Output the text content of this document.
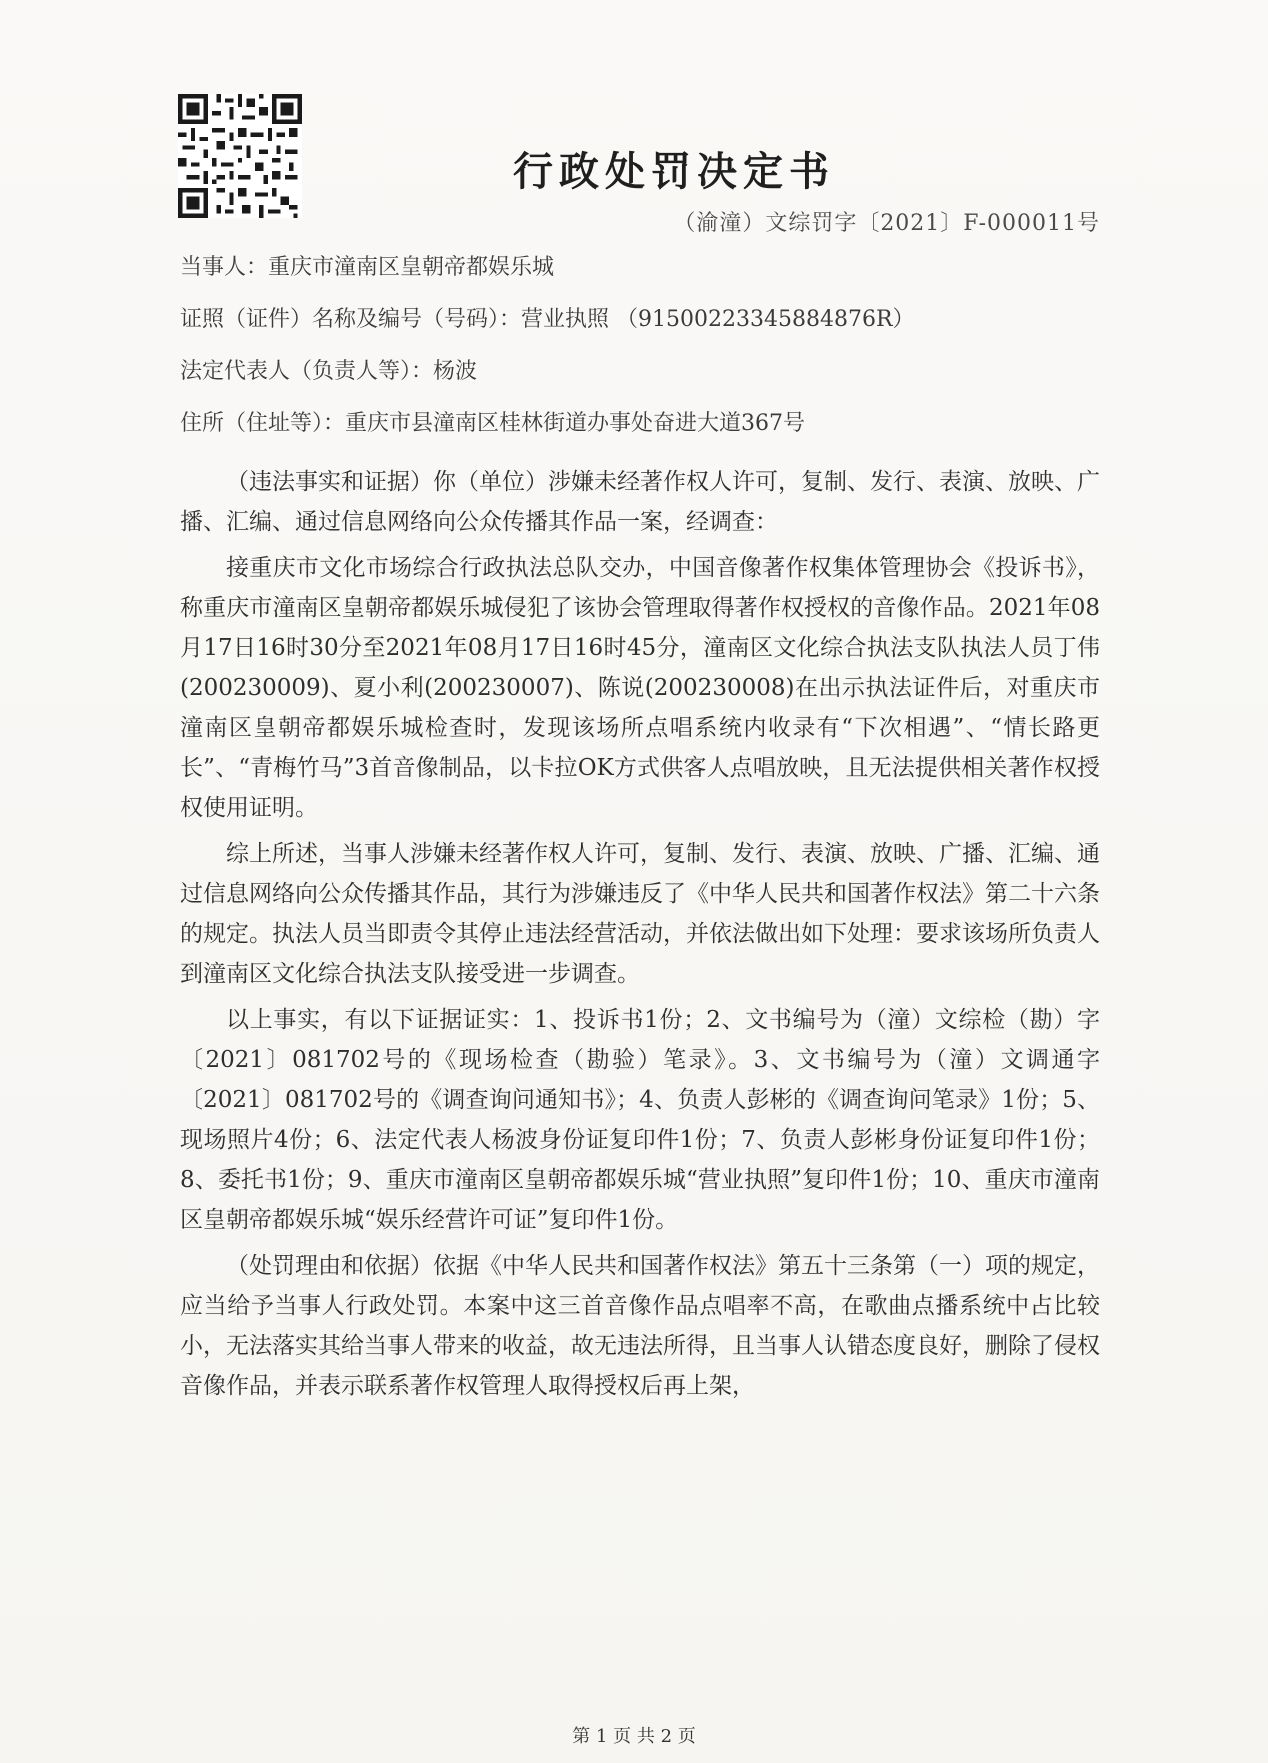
行政处罚决定书
（渝潼）文综罚字〔2021〕F-000011号
当事人：重庆市潼南区皇朝帝都娱乐城
证照（证件）名称及编号（号码）：营业执照 （91500223345884876R）
法定代表人（负责人等）：杨波
住所（住址等）：重庆市县潼南区桂林街道办事处奋进大道367号

（违法事实和证据）你（单位）涉嫌未经著作权人许可，复制、发行、表演、放映、广播、汇编、通过信息网络向公众传播其作品一案，经调查：

接重庆市文化市场综合行政执法总队交办，中国音像著作权集体管理协会《投诉书》，称重庆市潼南区皇朝帝都娱乐城侵犯了该协会管理取得著作权授权的音像作品。2021年08月17日16时30分至2021年08月17日16时45分，潼南区文化综合执法支队执法人员丁伟(200230009)、夏小利(200230007)、陈说(200230008)在出示执法证件后，对重庆市潼南区皇朝帝都娱乐城检查时，发现该场所点唱系统内收录有“下次相遇”、“情长路更长”、“青梅竹马”3首音像制品，以卡拉OK方式供客人点唱放映，且无法提供相关著作权授权使用证明。

综上所述，当事人涉嫌未经著作权人许可，复制、发行、表演、放映、广播、汇编、通过信息网络向公众传播其作品，其行为涉嫌违反了《中华人民共和国著作权法》第二十六条的规定。执法人员当即责令其停止违法经营活动，并依法做出如下处理：要求该场所负责人到潼南区文化综合执法支队接受进一步调查。

以上事实，有以下证据证实：1、投诉书1份；2、文书编号为（潼）文综检（勘）字〔2021〕081702号的《现场检查（勘验）笔录》。3、文书编号为（潼）文调通字〔2021〕081702号的《调查询问通知书》；4、负责人彭彬的《调查询问笔录》1份；5、现场照片4份；6、法定代表人杨波身份证复印件1份；7、负责人彭彬身份证复印件1份；8、委托书1份；9、重庆市潼南区皇朝帝都娱乐城“营业执照”复印件1份；10、重庆市潼南区皇朝帝都娱乐城“娱乐经营许可证”复印件1份。

（处罚理由和依据）依据《中华人民共和国著作权法》第五十三条第（一）项的规定，应当给予当事人行政处罚。本案中这三首音像作品点唱率不高，在歌曲点播系统中占比较小，无法落实其给当事人带来的收益，故无违法所得，且当事人认错态度良好，删除了侵权音像作品，并表示联系著作权管理人取得授权后再上架，

第 1 页 共 2 页
